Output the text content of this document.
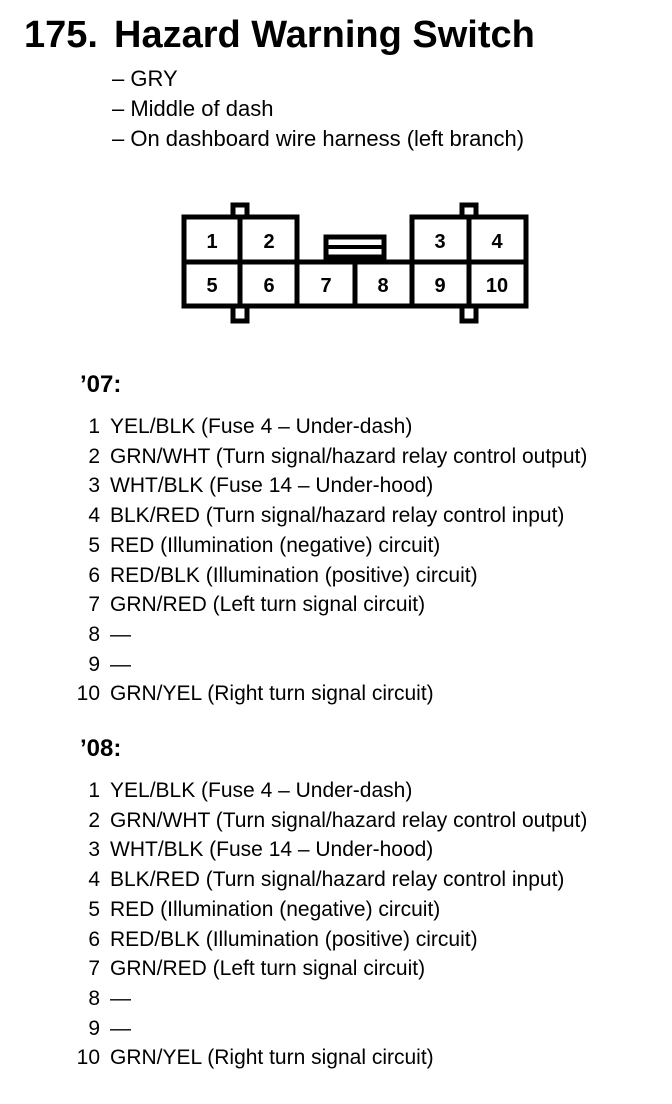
175. Hazard Warning Switch
– GRY
– Middle of dash
– On dashboard wire harness (left branch)
1 2	3 4
5 6 7 8 9 10
’07:
1 YEL/BLK (Fuse 4 – Under-dash)
2 GRN/WHT (Turn signal/hazard relay control output)
3 WHT/BLK (Fuse 14 – Under-hood)
4 BLK/RED (Turn signal/hazard relay control input)
5 RED (Illumination (negative) circuit)
6 RED/BLK (Illumination (positive) circuit)
7 GRN/RED (Left turn signal circuit)
8 —
9 —
10 GRN/YEL (Right turn signal circuit)
’08:
1 YEL/BLK (Fuse 4 – Under-dash)
2 GRN/WHT (Turn signal/hazard relay control output)
3 WHT/BLK (Fuse 14 – Under-hood)
4 BLK/RED (Turn signal/hazard relay control input)
5 RED (Illumination (negative) circuit)
6 RED/BLK (Illumination (positive) circuit)
7 GRN/RED (Left turn signal circuit)
8 —
9 —
10 GRN/YEL (Right turn signal circuit)
